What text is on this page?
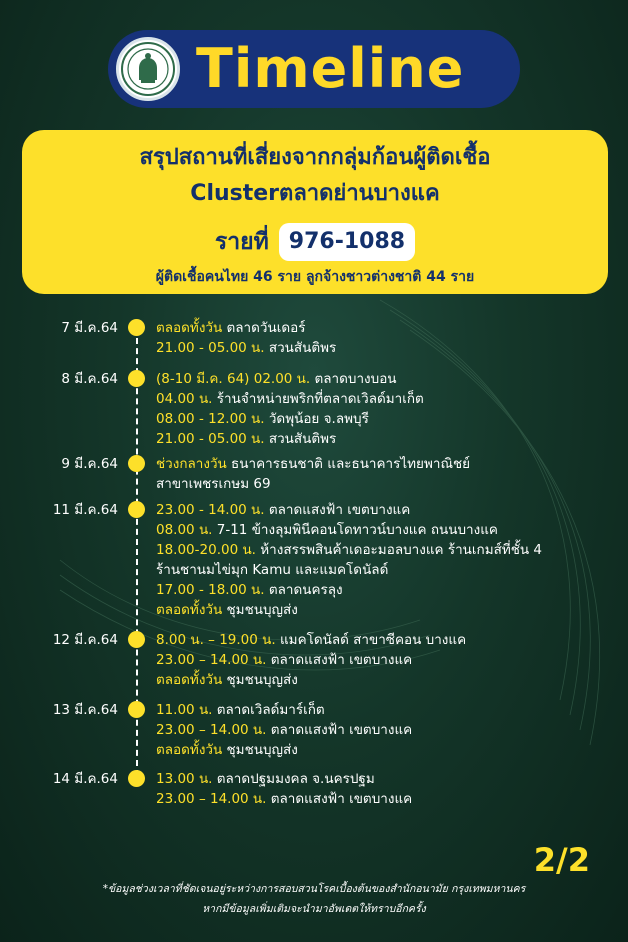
Timeline
สรุปสถานที่เสี่ยงจากกลุ่มก้อนผู้ติดเชื้อ
Clusterตลาดย่านบางแค
รายที่ 976-1088
ผู้ติดเชื้อคนไทย 46 ราย ลูกจ้างชาวต่างชาติ 44 ราย
7 มี.ค.64	ตลอดทั้งวัน ตลาดวันเดอร์
21.00 - 05.00 น. สวนสันติพร
8 มี.ค.64	(8-10 มี.ค. 64) 02.00 น. ตลาดบางบอน
04.00 น. ร้านจำหน่ายพริกที่ตลาดเวิลด์มาเก็ต
08.00 - 12.00 น. วัดพุน้อย จ.ลพบุรี
21.00 - 05.00 น. สวนสันติพร
9 มี.ค.64	ช่วงกลางวัน ธนาคารธนชาติ และธนาคารไทยพาณิชย์
สาขาเพชรเกษม 69
11 มี.ค.64	23.00 - 14.00 น. ตลาดแสงฟ้า เขตบางแค
08.00 น. 7-11 ข้างลุมพินีคอนโดทาวน์บางแค ถนนบางแค
18.00-20.00 น. ห้างสรรพสินค้าเดอะมอลบางแค ร้านเกมส์ที่ชั้น 4
ร้านชานมไข่มุก Kamu และแมคโดนัลด์
17.00 - 18.00 น. ตลาดนครลุง
ตลอดทั้งวัน ชุมชนบุญส่ง
12 มี.ค.64	8.00 น. – 19.00 น. แมคโดนัลด์ สาขาซีคอน บางแค
23.00 – 14.00 น. ตลาดแสงฟ้า เขตบางแค
ตลอดทั้งวัน ชุมชนบุญส่ง
13 มี.ค.64	11.00 น. ตลาดเวิลด์มาร์เก็ต
23.00 – 14.00 น. ตลาดแสงฟ้า เขตบางแค
ตลอดทั้งวัน ชุมชนบุญส่ง
14 มี.ค.64	13.00 น. ตลาดปฐมมงคล จ.นครปฐม
23.00 – 14.00 น. ตลาดแสงฟ้า เขตบางแค
2/2
*ข้อมูลช่วงเวลาที่ชัดเจนอยู่ระหว่างการสอบสวนโรคเบื้องต้นของสำนักอนามัย กรุงเทพมหานคร
หากมีข้อมูลเพิ่มเติมจะนำมาอัพเดตให้ทราบอีกครั้ง
